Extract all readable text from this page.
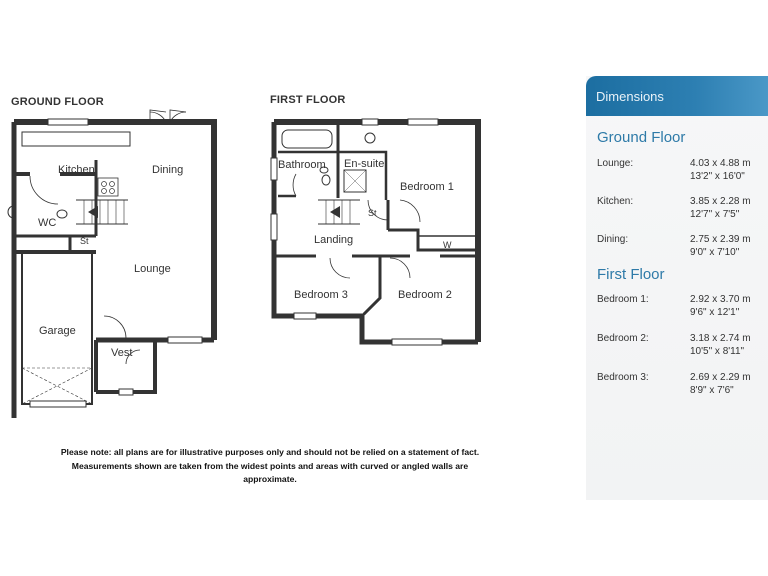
GROUND FLOOR	FIRST FLOOR
Kitchen	Dining
WC
St
Lounge
Garage
Vest
Bathroom En-suite
Bedroom 1
St
Landing	W
Bedroom 3	Bedroom 2
Please note: all plans are for illustrative purposes only and should not be relied on a statement of fact.
Measurements shown are taken from the widest points and areas with curved or angled walls are
approximate.
Dimensions
Ground Floor
Lounge:	4.03 x 4.88 m
13'2" x 16'0"
Kitchen:	3.85 x 2.28 m
12'7" x 7'5"
Dining:	2.75 x 2.39 m
9'0" x 7'10"
First Floor
Bedroom 1:	2.92 x 3.70 m
9'6" x 12'1"
Bedroom 2:	3.18 x 2.74 m
10'5" x 8'11"
Bedroom 3:	2.69 x 2.29 m
8'9" x 7'6"
